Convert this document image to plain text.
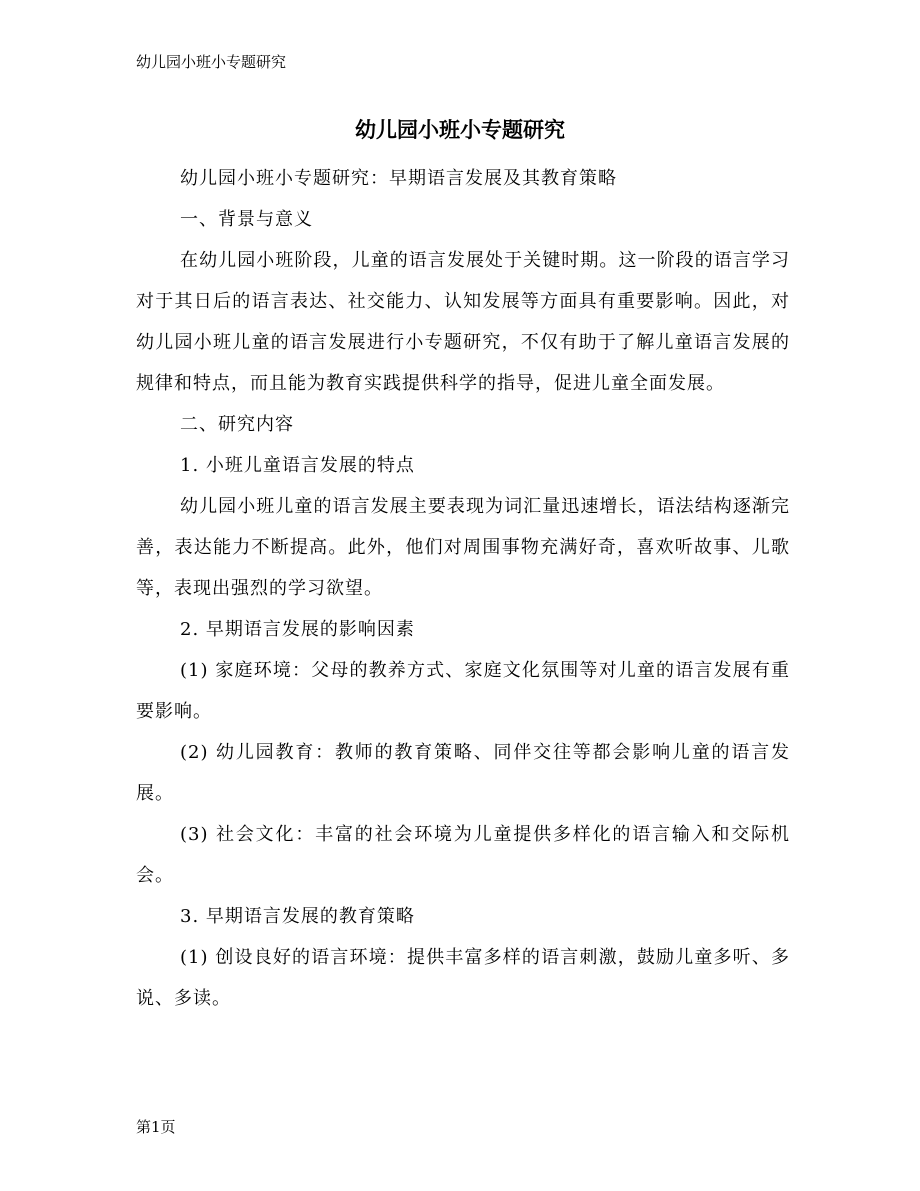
幼儿园小班小专题研究
幼儿园小班小专题研究

幼儿园小班小专题研究：早期语言发展及其教育策略

一、背景与意义

在幼儿园小班阶段，儿童的语言发展处于关键时期。这一阶段的语言学习对于其日后的语言表达、社交能力、认知发展等方面具有重要影响。因此，对幼儿园小班儿童的语言发展进行小专题研究，不仅有助于了解儿童语言发展的规律和特点，而且能为教育实践提供科学的指导，促进儿童全面发展。

二、研究内容

1. 小班儿童语言发展的特点

幼儿园小班儿童的语言发展主要表现为词汇量迅速增长，语法结构逐渐完善，表达能力不断提高。此外，他们对周围事物充满好奇，喜欢听故事、儿歌等，表现出强烈的学习欲望。

2. 早期语言发展的影响因素

(1) 家庭环境：父母的教养方式、家庭文化氛围等对儿童的语言发展有重要影响。

(2) 幼儿园教育：教师的教育策略、同伴交往等都会影响儿童的语言发展。

(3) 社会文化：丰富的社会环境为儿童提供多样化的语言输入和交际机会。

3. 早期语言发展的教育策略

(1) 创设良好的语言环境：提供丰富多样的语言刺激，鼓励儿童多听、多说、多读。

第1页
